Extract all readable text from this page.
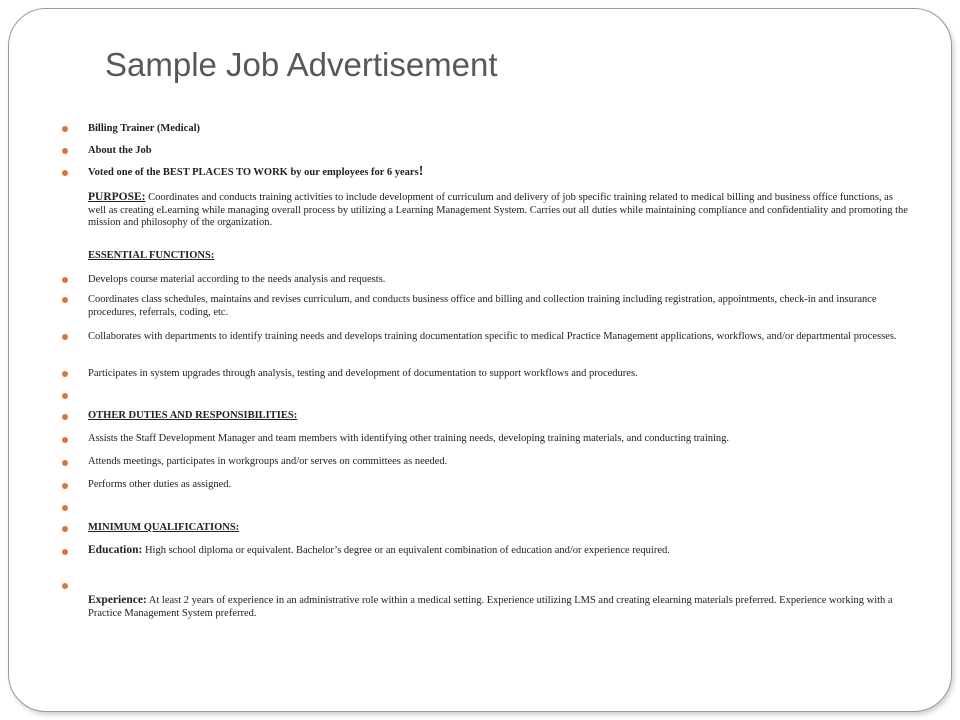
Sample Job Advertisement
Billing Trainer (Medical)
About the Job
Voted one of the BEST PLACES TO WORK by our employees for 6 years!
PURPOSE: Coordinates and conducts training activities to include development of curriculum and delivery of job specific training related to medical billing and business office functions, as well as creating eLearning while managing overall process by utilizing a Learning Management System. Carries out all duties while maintaining compliance and confidentiality and promoting the mission and philosophy of the organization.
ESSENTIAL FUNCTIONS:
Develops course material according to the needs analysis and requests.
Coordinates class schedules, maintains and revises curriculum, and conducts business office and billing and collection training including registration, appointments, check-in and insurance procedures, referrals, coding, etc.
Collaborates with departments to identify training needs and develops training documentation specific to medical Practice Management applications, workflows, and/or departmental processes.
Participates in system upgrades through analysis, testing and development of documentation to support workflows and procedures.
OTHER DUTIES AND RESPONSIBILITIES:
Assists the Staff Development Manager and team members with identifying other training needs, developing training materials, and conducting training.
Attends meetings, participates in workgroups and/or serves on committees as needed.
Performs other duties as assigned.
MINIMUM QUALIFICATIONS:
Education: High school diploma or equivalent. Bachelor’s degree or an equivalent combination of education and/or experience required.
Experience: At least 2 years of experience in an administrative role within a medical setting. Experience utilizing LMS and creating elearning materials preferred. Experience working with a Practice Management System preferred.
